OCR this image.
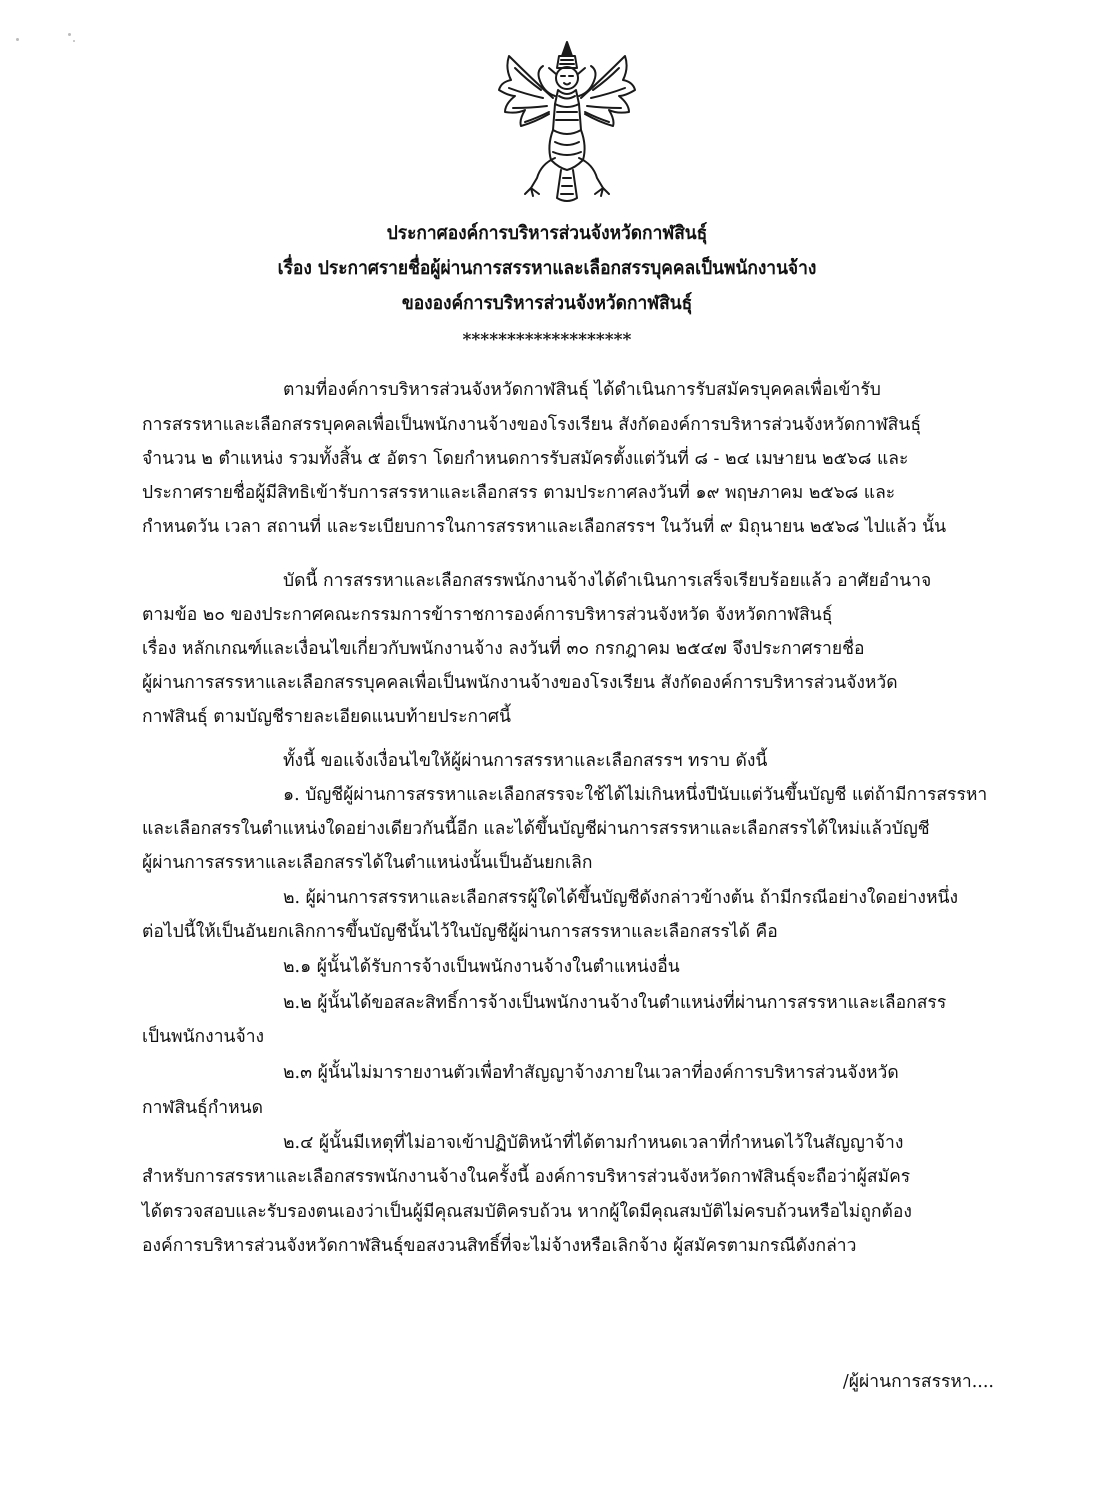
ประกาศองค์การบริหารส่วนจังหวัดกาฬสินธุ์
เรื่อง ประกาศรายชื่อผู้ผ่านการสรรหาและเลือกสรรบุคคลเป็นพนักงานจ้าง
ขององค์การบริหารส่วนจังหวัดกาฬสินธุ์
*******************
ตามที่องค์การบริหารส่วนจังหวัดกาฬสินธุ์ ได้ดำเนินการรับสมัครบุคคลเพื่อเข้ารับ
การสรรหาและเลือกสรรบุคคลเพื่อเป็นพนักงานจ้างของโรงเรียน สังกัดองค์การบริหารส่วนจังหวัดกาฬสินธุ์
จำนวน ๒ ตำแหน่ง รวมทั้งสิ้น ๕ อัตรา โดยกำหนดการรับสมัครตั้งแต่วันที่ ๘ - ๒๔ เมษายน ๒๕๖๘ และ
ประกาศรายชื่อผู้มีสิทธิเข้ารับการสรรหาและเลือกสรร ตามประกาศลงวันที่ ๑๙ พฤษภาคม ๒๕๖๘ และ
กำหนดวัน เวลา สถานที่ และระเบียบการในการสรรหาและเลือกสรรฯ ในวันที่ ๙ มิถุนายน ๒๕๖๘ ไปแล้ว นั้น
บัดนี้ การสรรหาและเลือกสรรพนักงานจ้างได้ดำเนินการเสร็จเรียบร้อยแล้ว อาศัยอำนาจ
ตามข้อ ๒๐ ของประกาศคณะกรรมการข้าราชการองค์การบริหารส่วนจังหวัด จังหวัดกาฬสินธุ์
เรื่อง หลักเกณฑ์และเงื่อนไขเกี่ยวกับพนักงานจ้าง ลงวันที่ ๓๐ กรกฎาคม ๒๕๔๗ จึงประกาศรายชื่อ
ผู้ผ่านการสรรหาและเลือกสรรบุคคลเพื่อเป็นพนักงานจ้างของโรงเรียน สังกัดองค์การบริหารส่วนจังหวัด
กาฬสินธุ์ ตามบัญชีรายละเอียดแนบท้ายประกาศนี้
ทั้งนี้ ขอแจ้งเงื่อนไขให้ผู้ผ่านการสรรหาและเลือกสรรฯ ทราบ ดังนี้
๑. บัญชีผู้ผ่านการสรรหาและเลือกสรรจะใช้ได้ไม่เกินหนึ่งปีนับแต่วันขึ้นบัญชี แต่ถ้ามีการสรรหา
และเลือกสรรในตำแหน่งใดอย่างเดียวกันนี้อีก และได้ขึ้นบัญชีผ่านการสรรหาและเลือกสรรได้ใหม่แล้วบัญชี
ผู้ผ่านการสรรหาและเลือกสรรได้ในตำแหน่งนั้นเป็นอันยกเลิก
๒. ผู้ผ่านการสรรหาและเลือกสรรผู้ใดได้ขึ้นบัญชีดังกล่าวข้างต้น ถ้ามีกรณีอย่างใดอย่างหนึ่ง
ต่อไปนี้ให้เป็นอันยกเลิกการขึ้นบัญชีนั้นไว้ในบัญชีผู้ผ่านการสรรหาและเลือกสรรได้ คือ
๒.๑ ผู้นั้นได้รับการจ้างเป็นพนักงานจ้างในตำแหน่งอื่น
๒.๒ ผู้นั้นได้ขอสละสิทธิ์การจ้างเป็นพนักงานจ้างในตำแหน่งที่ผ่านการสรรหาและเลือกสรร
เป็นพนักงานจ้าง
๒.๓ ผู้นั้นไม่มารายงานตัวเพื่อทำสัญญาจ้างภายในเวลาที่องค์การบริหารส่วนจังหวัด
กาฬสินธุ์กำหนด
๒.๔ ผู้นั้นมีเหตุที่ไม่อาจเข้าปฏิบัติหน้าที่ได้ตามกำหนดเวลาที่กำหนดไว้ในสัญญาจ้าง
สำหรับการสรรหาและเลือกสรรพนักงานจ้างในครั้งนี้ องค์การบริหารส่วนจังหวัดกาฬสินธุ์จะถือว่าผู้สมัคร
ได้ตรวจสอบและรับรองตนเองว่าเป็นผู้มีคุณสมบัติครบถ้วน หากผู้ใดมีคุณสมบัติไม่ครบถ้วนหรือไม่ถูกต้อง
องค์การบริหารส่วนจังหวัดกาฬสินธุ์ขอสงวนสิทธิ์ที่จะไม่จ้างหรือเลิกจ้าง ผู้สมัครตามกรณีดังกล่าว
/ผู้ผ่านการสรรหา....
